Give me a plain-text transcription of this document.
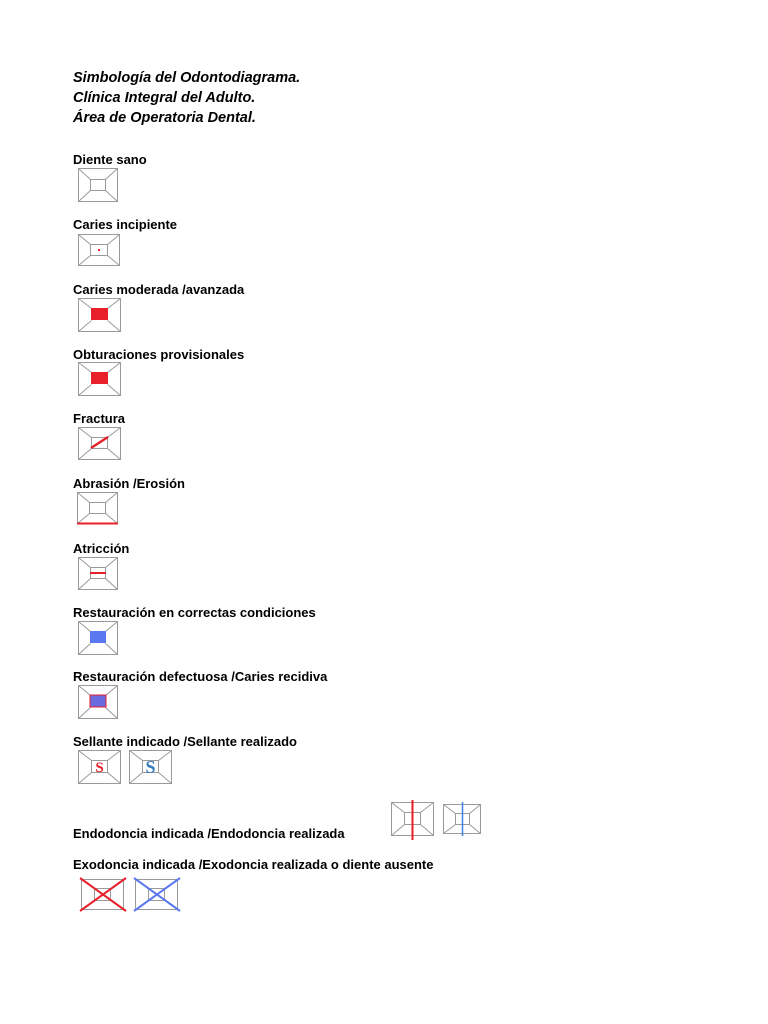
Simbología del Odontodiagrama.
Clínica Integral del Adulto.
Área de Operatoria Dental.
Diente sano
Caries incipiente
Caries moderada /avanzada
Obturaciones provisionales
Fractura
Abrasión /Erosión
Atricción
Restauración en correctas condiciones
Restauración defectuosa /Caries recidiva
Sellante indicado /Sellante realizado
S S
Endodoncia indicada /Endodoncia realizada
Exodoncia indicada /Exodoncia realizada o diente ausente
